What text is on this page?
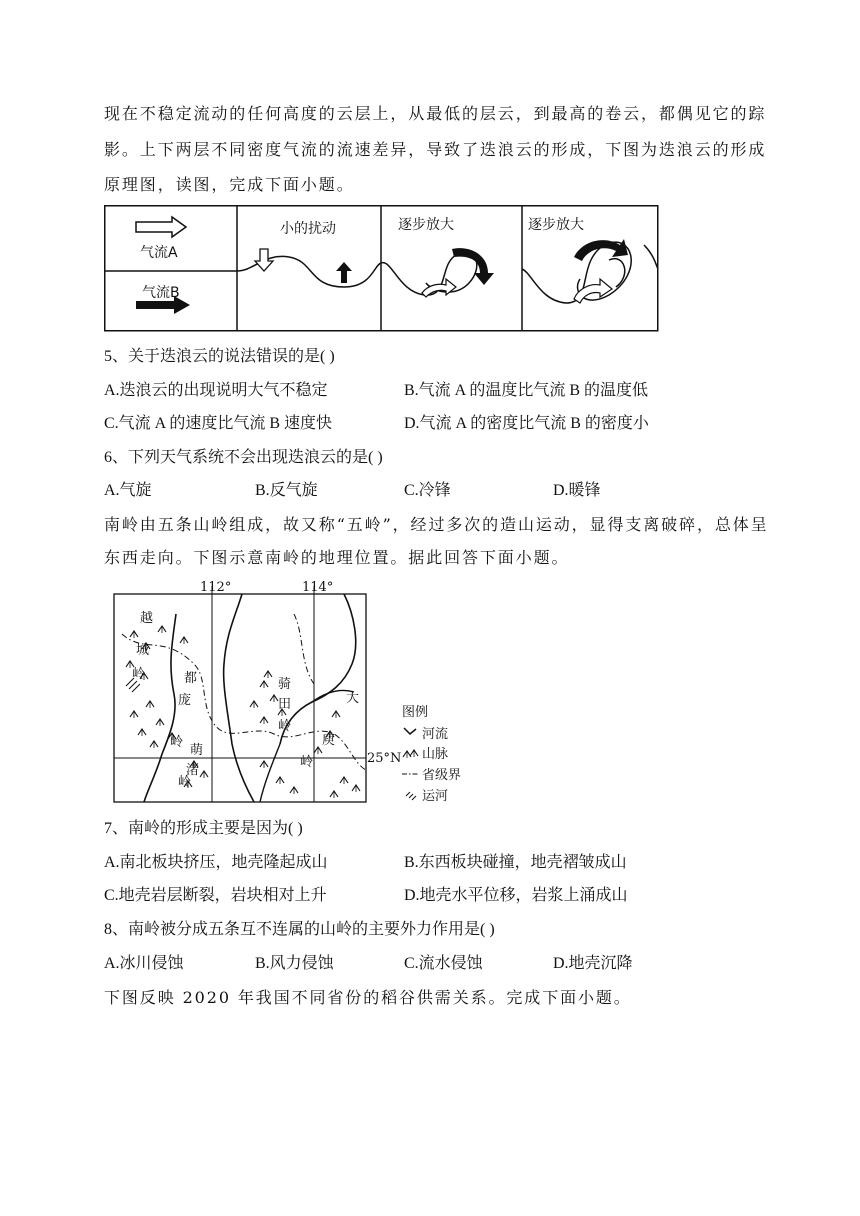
现在不稳定流动的任何高度的云层上，从最低的层云，到最高的卷云，都偶见它的踪
影。上下两层不同密度气流的流速差异，导致了迭浪云的形成，下图为迭浪云的形成
原理图，读图，完成下面小题。
气流A
气流B
小的扰动	逐步放大	逐步放大
5、关于迭浪云的说法错误的是( )
A.迭浪云的出现说明大气不稳定	B.气流 A 的温度比气流 B 的温度低
C.气流 A 的速度比气流 B 速度快	D.气流 A 的密度比气流 B 的密度小
6、下列天气系统不会出现迭浪云的是( )
A.气旋	B.反气旋	C.冷锋	D.暖锋
南岭由五条山岭组成，故又称“五岭”，经过多次的造山运动，显得支离破碎，总体呈
东西走向。下图示意南岭的地理位置。据此回答下面小题。
越
城
岭	都
庞
岭
萌
渚
岭
骑
田
岭
大
庾
岭
112°	114°
25°N
图例
河流
山脉
省级界
运河
7、南岭的形成主要是因为( )
A.南北板块挤压，地壳隆起成山	B.东西板块碰撞，地壳褶皱成山
C.地壳岩层断裂，岩块相对上升	D.地壳水平位移，岩浆上涌成山
8、南岭被分成五条互不连属的山岭的主要外力作用是( )
A.冰川侵蚀	B.风力侵蚀	C.流水侵蚀	D.地壳沉降
下图反映 2020 年我国不同省份的稻谷供需关系。完成下面小题。
